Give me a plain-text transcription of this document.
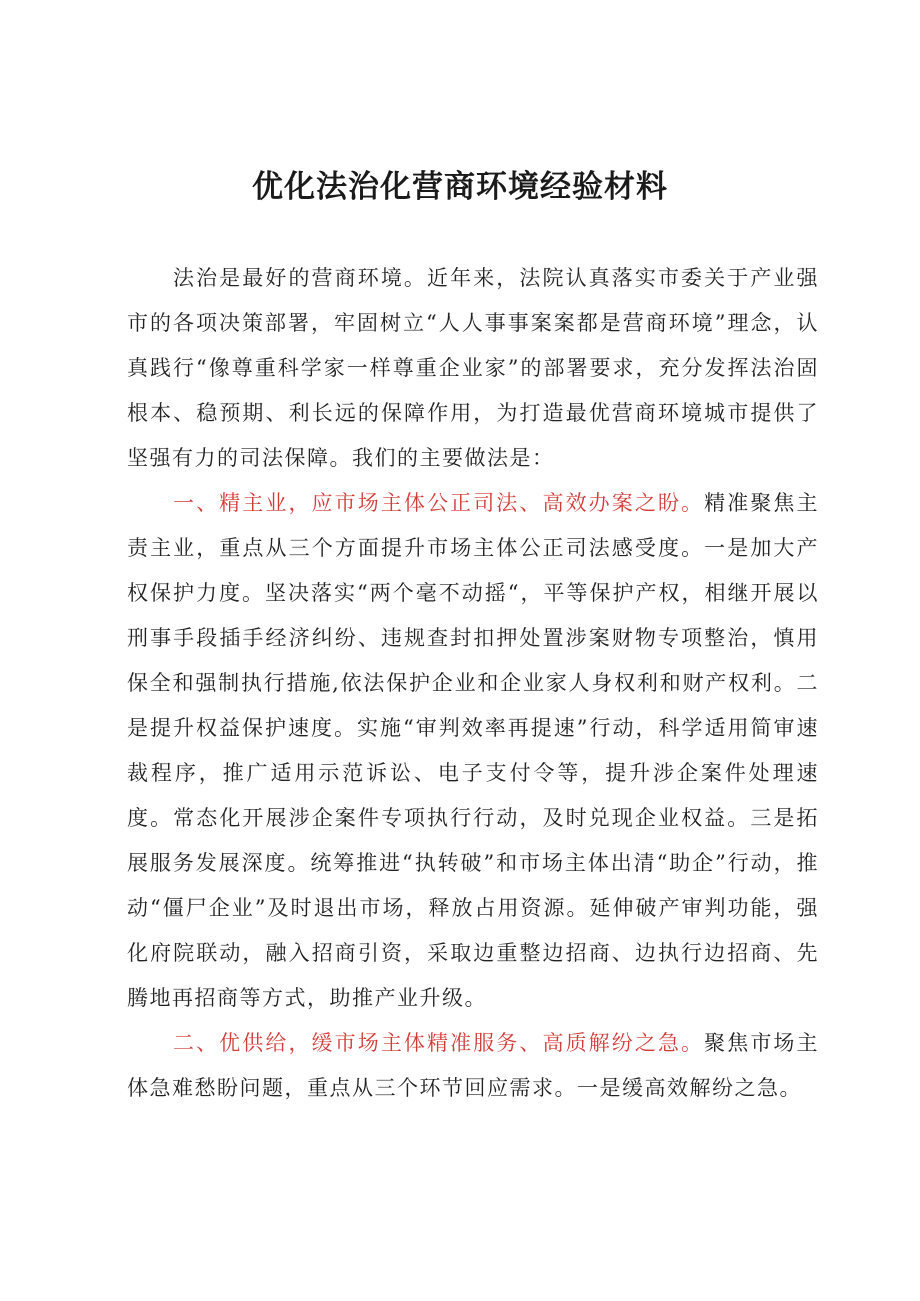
优化法治化营商环境经验材料

法治是最好的营商环境。近年来，法院认真落实市委关于产业强市的各项决策部署，牢固树立“人人事事案案都是营商环境”理念，认真践行“像尊重科学家一样尊重企业家”的部署要求，充分发挥法治固根本、稳预期、利长远的保障作用，为打造最优营商环境城市提供了坚强有力的司法保障。我们的主要做法是：

一、精主业，应市场主体公正司法、高效办案之盼。精准聚焦主责主业，重点从三个方面提升市场主体公正司法感受度。一是加大产权保护力度。坚决落实“两个毫不动摇“，平等保护产权，相继开展以刑事手段插手经济纠纷、违规查封扣押处置涉案财物专项整治，慎用保全和强制执行措施,依法保护企业和企业家人身权利和财产权利。二是提升权益保护速度。实施“审判效率再提速”行动，科学适用简审速裁程序，推广适用示范诉讼、电子支付令等，提升涉企案件处理速度。常态化开展涉企案件专项执行行动，及时兑现企业权益。三是拓展服务发展深度。统筹推进“执转破”和市场主体出清“助企”行动，推动“僵尸企业”及时退出市场，释放占用资源。延伸破产审判功能，强化府院联动，融入招商引资，采取边重整边招商、边执行边招商、先腾地再招商等方式，助推产业升级。

二、优供给，缓市场主体精准服务、高质解纷之急。聚焦市场主体急难愁盼问题，重点从三个环节回应需求。一是缓高效解纷之急。
